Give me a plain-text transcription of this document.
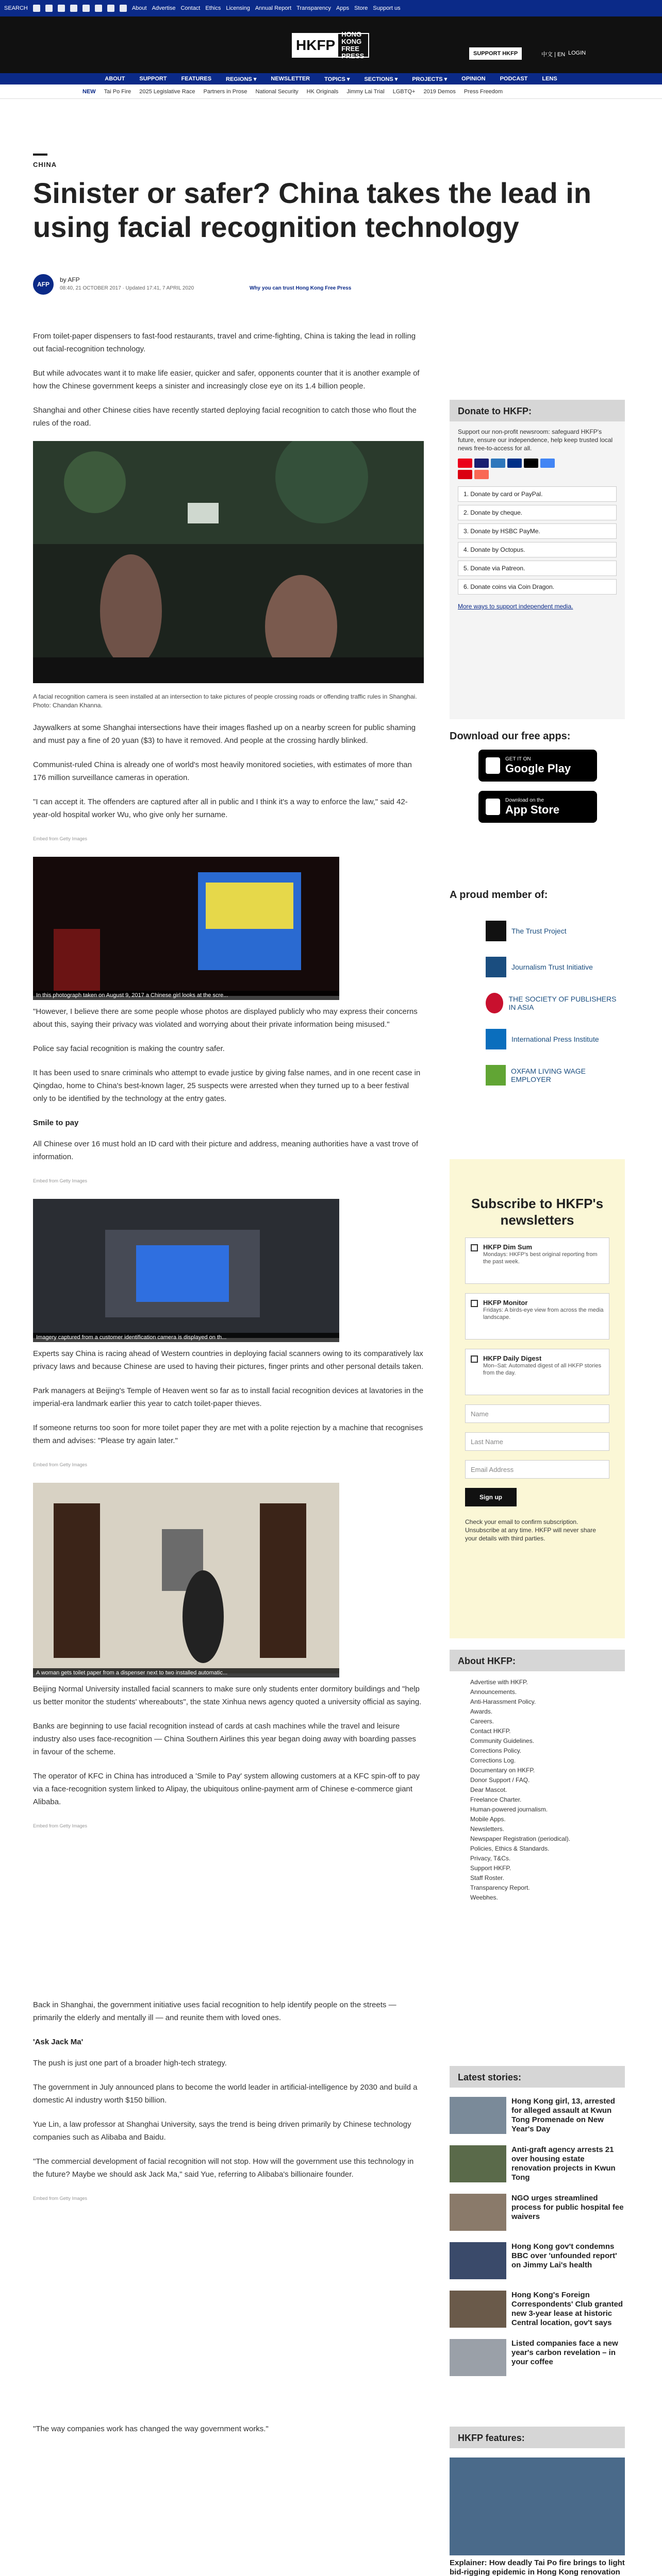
SEARCH	About Advertise Contact Ethics Licensing Annual Report Transparency Apps Store Support us
HKFP
HONG KONG
FREE PRESS	SUPPORT HKFP	中文 | EN LOGIN
ABOUT	SUPPORT	FEATURES	REGIONS ▾	NEWSLETTER	TOPICS ▾	SECTIONS ▾	PROJECTS ▾	OPINION	PODCAST	LENS
NEW Tai Po Fire 2025 Legislative Race Partners in Prose National Security HK Originals Jimmy Lai Trial LGBTQ+ 2019 Demos Press Freedom
CHINA
Sinister or safer? China takes the lead in using facial recognition technology
AFP
by AFP
08:40, 21 OCTOBER 2017 · Updated 17:41, 7 APRIL 2020	Why you can trust Hong Kong Free Press

From toilet-paper dispensers to fast-food restaurants, travel and crime-fighting, China is taking the lead in rolling out facial-recognition technology.

But while advocates want it to make life easier, quicker and safer, opponents counter that it is another example of how the Chinese government keeps a sinister and increasingly close eye on its 1.4 billion people.

Shanghai and other Chinese cities have recently started deploying facial recognition to catch those who flout the rules of the road.

A facial recognition camera is seen installed at an intersection to take pictures of people crossing roads or offending traffic rules in Shanghai. Photo: Chandan Khanna.

Jaywalkers at some Shanghai intersections have their images flashed up on a nearby screen for public shaming and must pay a fine of 20 yuan ($3) to have it removed. And people at the crossing hardly blinked.

Communist-ruled China is already one of world's most heavily monitored societies, with estimates of more than 176 million surveillance cameras in operation.

"I can accept it. The offenders are captured after all in public and I think it's a way to enforce the law," said 42-year-old hospital worker Wu, who give only her surname.

Embed from Getty Images
In this photograph taken on August 9, 2017 a Chinese girl looks at the scre...

"However, I believe there are some people whose photos are displayed publicly who may express their concerns about this, saying their privacy was violated and worrying about their private information being misused."

Police say facial recognition is making the country safer.

It has been used to snare criminals who attempt to evade justice by giving false names, and in one recent case in Qingdao, home to China's best-known lager, 25 suspects were arrested when they turned up to a beer festival only to be identified by the technology at the entry gates.

Smile to pay

All Chinese over 16 must hold an ID card with their picture and address, meaning authorities have a vast trove of information.

Embed from Getty Images
Imagery captured from a customer identification camera is displayed on th...

Experts say China is racing ahead of Western countries in deploying facial scanners owing to its comparatively lax privacy laws and because Chinese are used to having their pictures, finger prints and other personal details taken.

Park managers at Beijing's Temple of Heaven went so far as to install facial recognition devices at lavatories in the imperial-era landmark earlier this year to catch toilet-paper thieves.

If someone returns too soon for more toilet paper they are met with a polite rejection by a machine that recognises them and advises: "Please try again later."

Embed from Getty Images
A woman gets toilet paper from a dispenser next to two installed automatic...

Beijing Normal University installed facial scanners to make sure only students enter dormitory buildings and "help us better monitor the students' whereabouts", the state Xinhua news agency quoted a university official as saying.

Banks are beginning to use facial recognition instead of cards at cash machines while the travel and leisure industry also uses face-recognition — China Southern Airlines this year began doing away with boarding passes in favour of the scheme.

The operator of KFC in China has introduced a 'Smile to Pay' system allowing customers at a KFC spin-off to pay via a face-recognition system linked to Alipay, the ubiquitous online-payment arm of Chinese e-commerce giant Alibaba.

Embed from Getty Images

Back in Shanghai, the government initiative uses facial recognition to help identify people on the streets — primarily the elderly and mentally ill — and reunite them with loved ones.

'Ask Jack Ma'

The push is just one part of a broader high-tech strategy.

The government in July announced plans to become the world leader in artificial-intelligence by 2030 and build a domestic AI industry worth $150 billion.

Yue Lin, a law professor at Shanghai University, says the trend is being driven primarily by Chinese technology companies such as Alibaba and Baidu.

"The commercial development of facial recognition will not stop. How will the government use this technology in the future? Maybe we should ask Jack Ma," said Yue, referring to Alibaba's billionaire founder.

Embed from Getty Images

"The way companies work has changed the way government works."

Donate to HKFP:
Support our non-profit newsroom: safeguard HKFP's future, ensure our independence, help keep trusted local news free-to-access for all.
1. Donate by card or PayPal.
2. Donate by cheque.
3. Donate by HSBC PayMe.
4. Donate by Octopus.
5. Donate via Patreon.
6. Donate coins via Coin Dragon.
More ways to support independent media.
Download our free apps:
GET IT ON
Google Play
Download on the
App Store
A proud member of:
The Trust Project
Journalism Trust Initiative
THE SOCIETY OF PUBLISHERS IN ASIA
International Press Institute
OXFAM LIVING WAGE EMPLOYER
Subscribe to HKFP's newsletters
HKFP Dim Sum
Mondays: HKFP's best original reporting from the past week.
HKFP Monitor
Fridays: A birds-eye view from across the media landscape.
HKFP Daily Digest
Mon–Sat: Automated digest of all HKFP stories from the day.
Name
Last Name
Email Address
Sign up
Check your email to confirm subscription. Unsubscribe at any time. HKFP will never share your details with third parties.
About HKFP:
Advertise with HKFP.
Announcements.
Anti-Harassment Policy.
Awards.
Careers.
Contact HKFP.
Community Guidelines.
Corrections Policy.
Corrections Log.
Documentary on HKFP.
Donor Support / FAQ.
Dear Mascot.
Freelance Charter.
Human-powered journalism.
Mobile Apps.
Newsletters.
Newspaper Registration (periodical).
Policies, Ethics & Standards.
Privacy, T&Cs.
Support HKFP.
Staff Roster.
Transparency Report.
Weebhes.
Latest stories:
Hong Kong girl, 13, arrested for alleged assault at Kwun Tong Promenade on New Year's Day
Anti-graft agency arrests 21 over housing estate renovation projects in Kwun Tong
NGO urges streamlined process for public hospital fee waivers
Hong Kong gov't condemns BBC over 'unfounded report' on Jimmy Lai's health
Hong Kong's Foreign Correspondents' Club granted new 3-year lease at historic Central location, gov't says
Listed companies face a new year's carbon revelation – in your coffee
HKFP features:
Explainer: How deadly Tai Po fire brings to light bid-rigging epidemic in Hong Kong renovation
